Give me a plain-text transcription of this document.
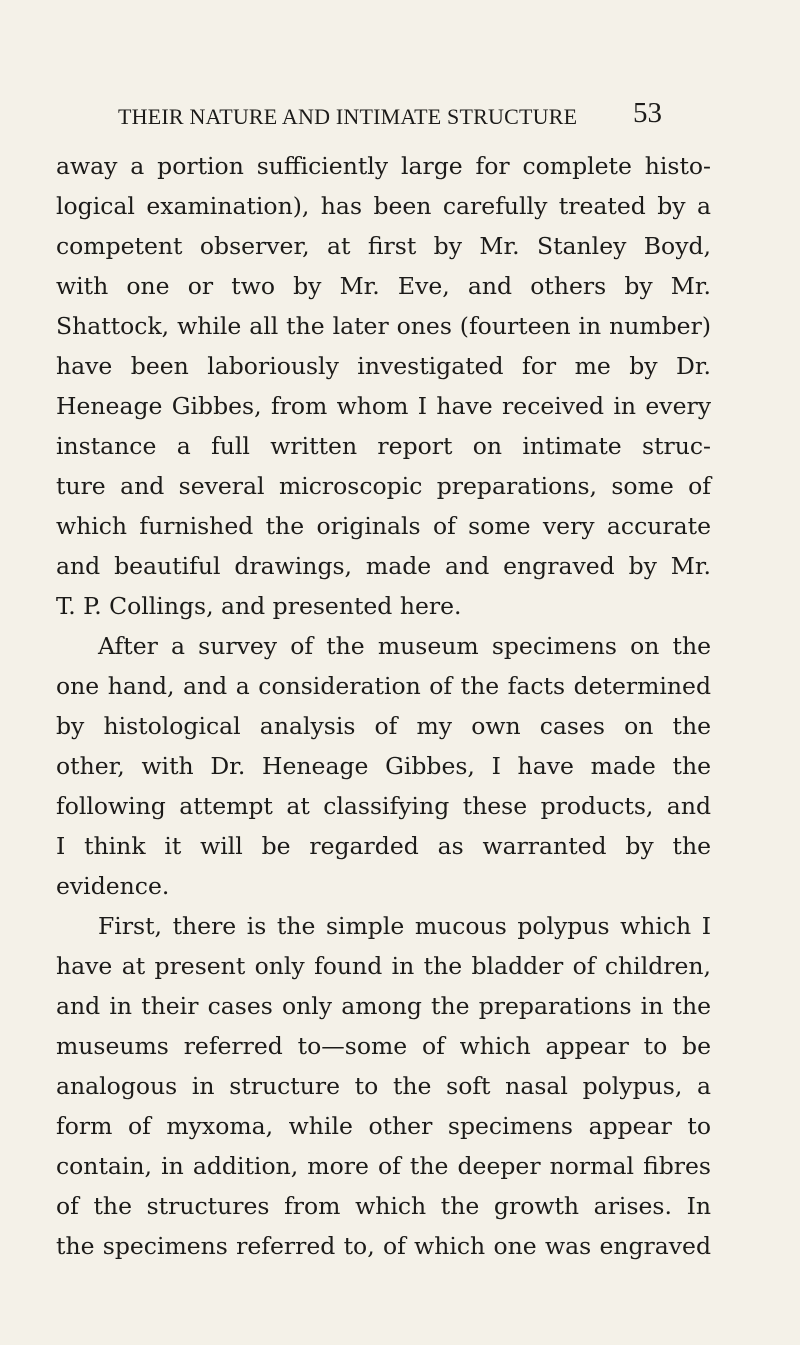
THEIR NATURE AND INTIMATE STRUCTURE	53
away a portion sufficiently large for complete histo-
logical examination), has been carefully treated by a
competent observer, at first by Mr. Stanley Boyd,
with one or two by Mr. Eve, and others by Mr.
Shattock, while all the later ones (fourteen in number)
have been laboriously investigated for me by Dr.
Heneage Gibbes, from whom I have received in every
instance a full written report on intimate struc-
ture and several microscopic preparations, some of
which furnished the originals of some very accurate
and beautiful drawings, made and engraved by Mr.
T. P. Collings, and presented here.
After a survey of the museum specimens on the
one hand, and a consideration of the facts determined
by histological analysis of my own cases on the
other, with Dr. Heneage Gibbes, I have made the
following attempt at classifying these products, and
I think it will be regarded as warranted by the
evidence.
First, there is the simple mucous polypus which I
have at present only found in the bladder of children,
and in their cases only among the preparations in the
museums referred to—some of which appear to be
analogous in structure to the soft nasal polypus, a
form of myxoma, while other specimens appear to
contain, in addition, more of the deeper normal fibres
of the structures from which the growth arises. In
the specimens referred to, of which one was engraved
